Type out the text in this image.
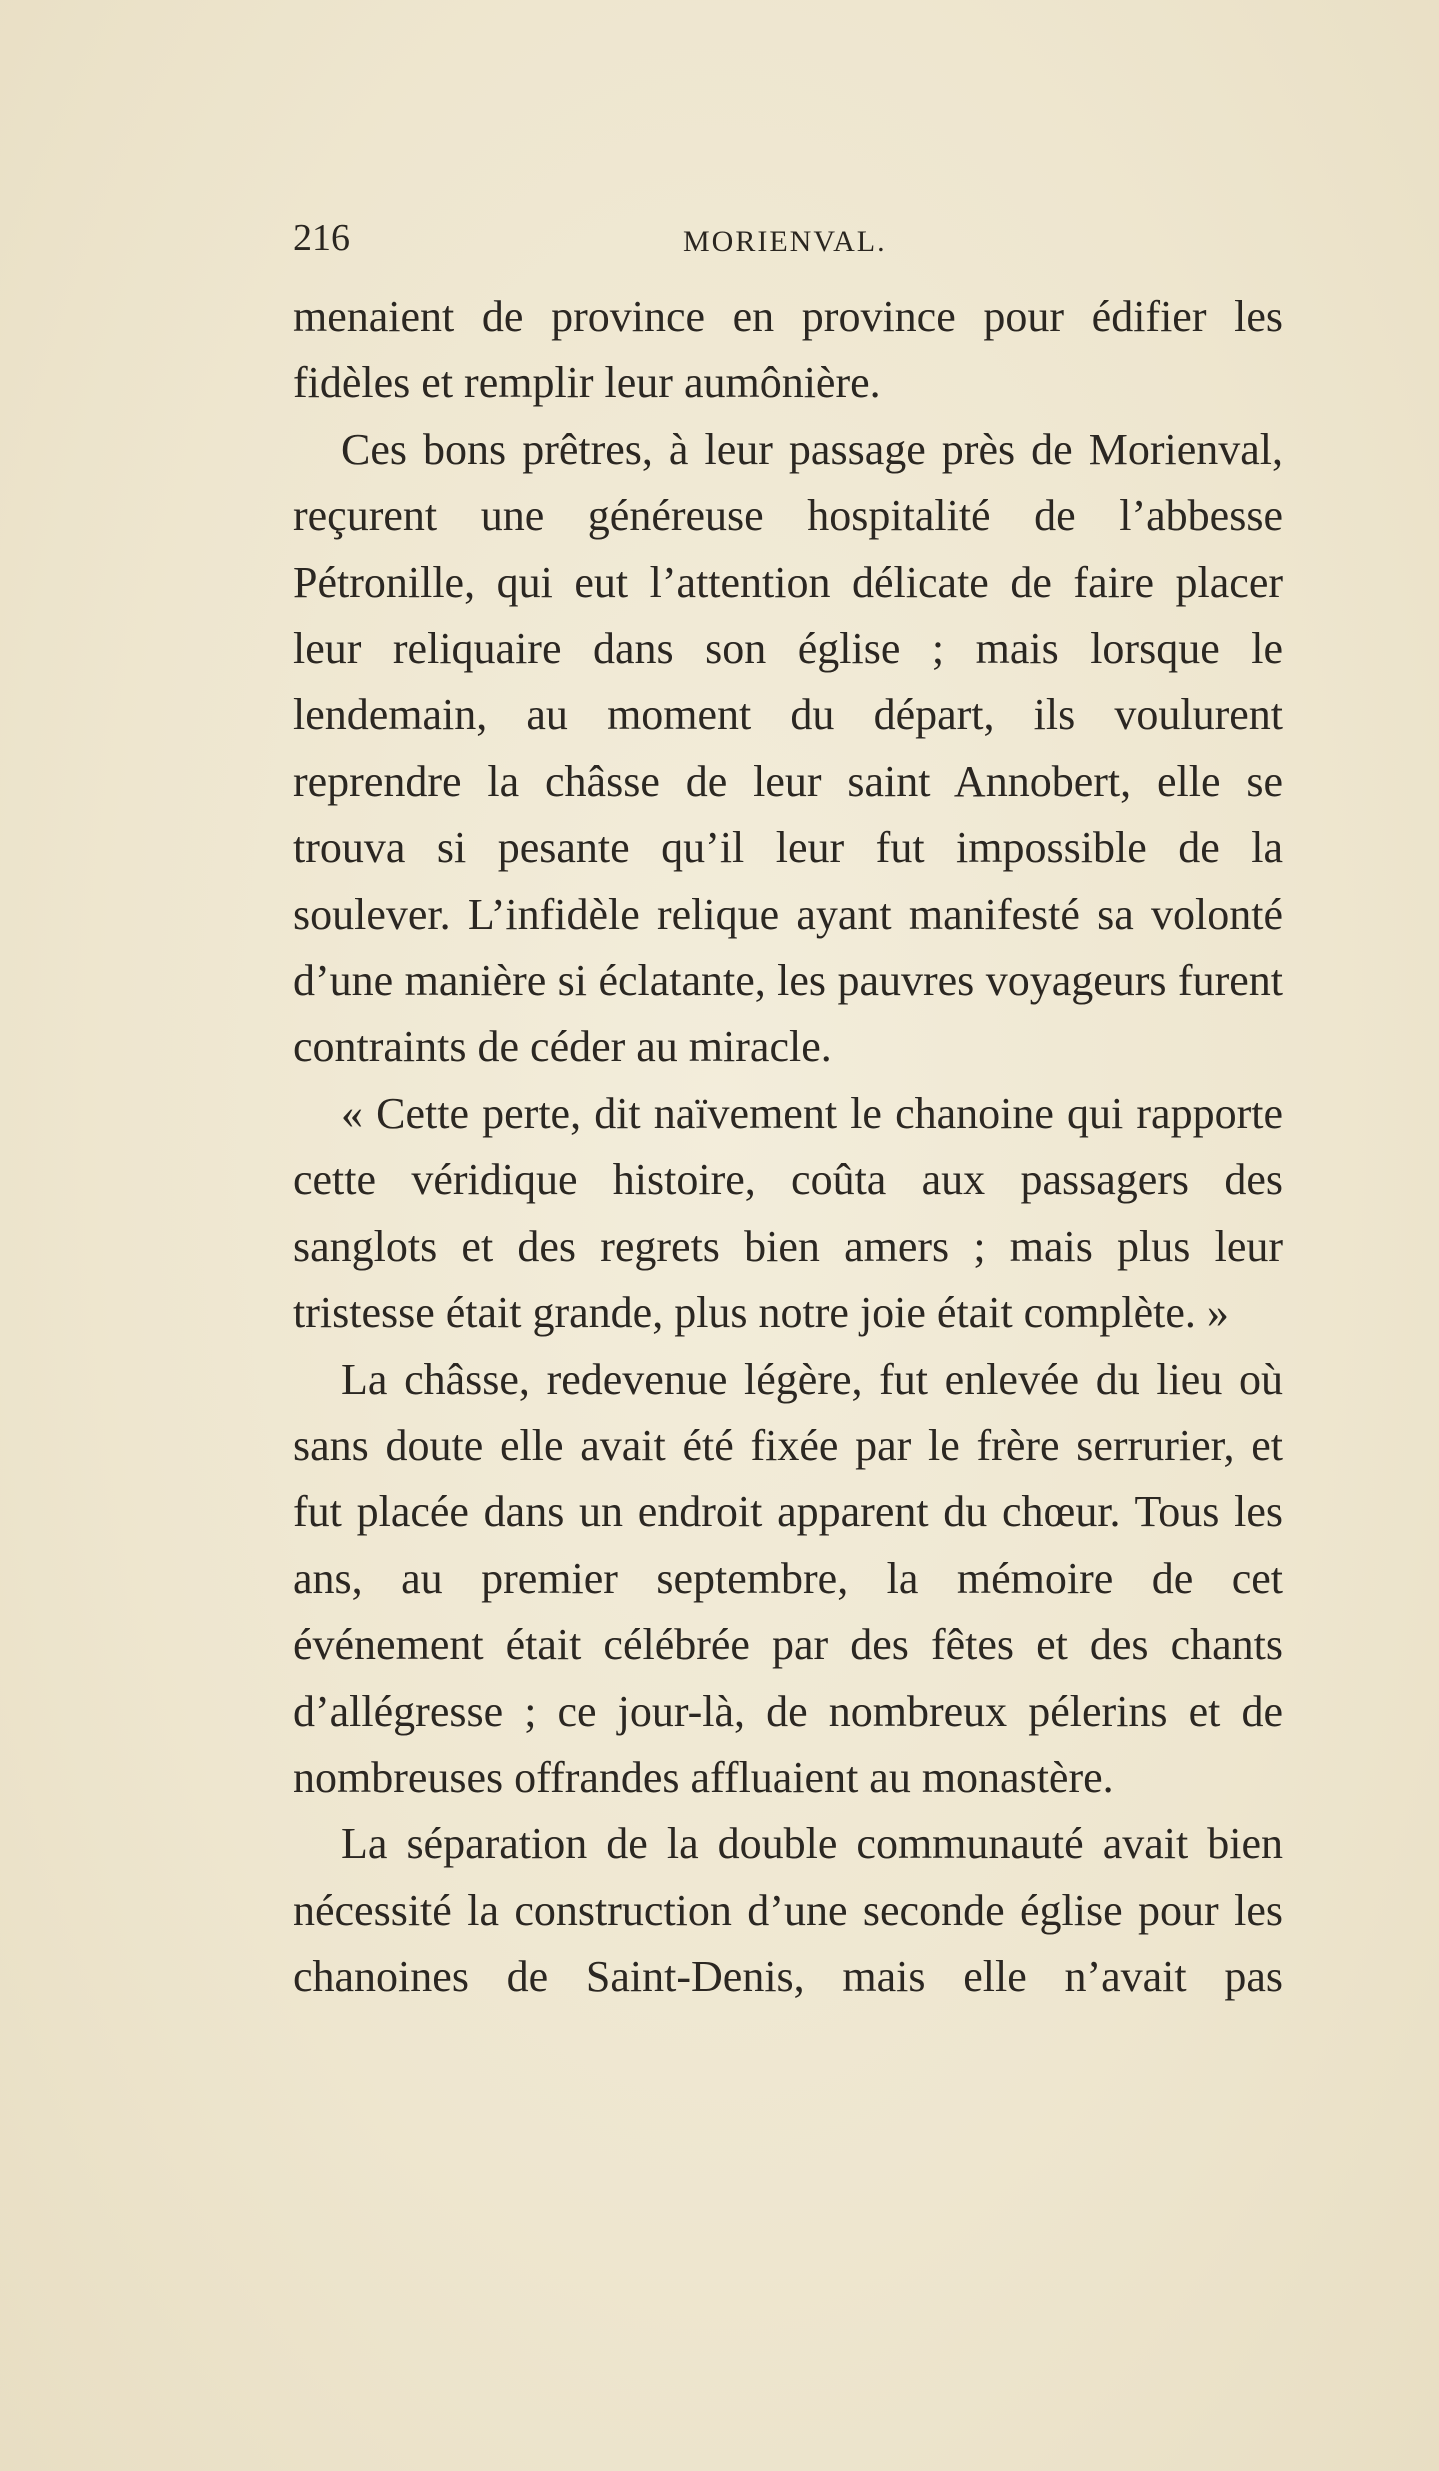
216	MORIENVAL.

menaient de province en province pour édifier les fidèles et remplir leur aumônière.

Ces bons prêtres, à leur passage près de Morienval, reçurent une généreuse hospitalité de l’abbesse Pétronille, qui eut l’attention délicate de faire placer leur reliquaire dans son église ; mais lorsque le lendemain, au moment du départ, ils voulurent reprendre la châsse de leur saint Annobert, elle se trouva si pesante qu’il leur fut impossible de la soulever. L’infidèle relique ayant manifesté sa volonté d’une manière si éclatante, les pauvres voyageurs furent contraints de céder au miracle.

« Cette perte, dit naïvement le chanoine qui rapporte cette véridique histoire, coûta aux passagers des sanglots et des regrets bien amers ; mais plus leur tristesse était grande, plus notre joie était complète. »

La châsse, redevenue légère, fut enlevée du lieu où sans doute elle avait été fixée par le frère serrurier, et fut placée dans un endroit apparent du chœur. Tous les ans, au premier septembre, la mémoire de cet événement était célébrée par des fêtes et des chants d’allégresse ; ce jour-là, de nombreux pélerins et de nombreuses offrandes affluaient au monastère.

La séparation de la double communauté avait bien nécessité la construction d’une seconde église pour les chanoines de Saint-Denis, mais elle n’avait pas
